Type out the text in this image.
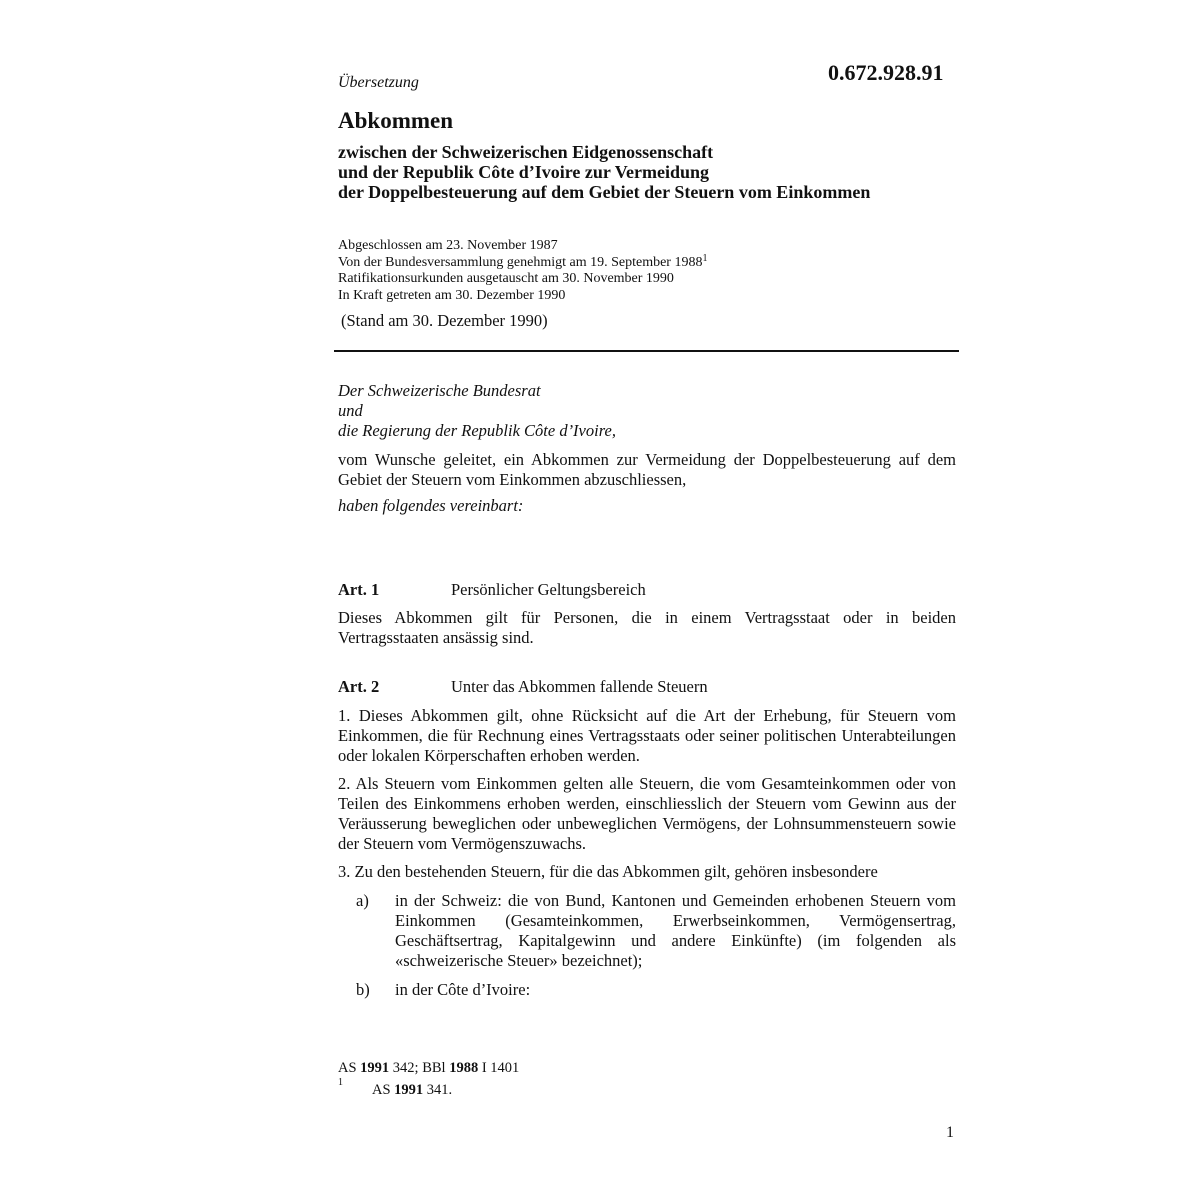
0.672.928.91
Übersetzung
Abkommen
zwischen der Schweizerischen Eidgenossenschaft
und der Republik Côte d’Ivoire zur Vermeidung
der Doppelbesteuerung auf dem Gebiet der Steuern vom Einkommen
Abgeschlossen am 23. November 1987
Von der Bundesversammlung genehmigt am 19. September 1988$^1$
Ratifikationsurkunden ausgetauscht am 30. November 1990
In Kraft getreten am 30. Dezember 1990
(Stand am 30. Dezember 1990)
Der Schweizerische Bundesrat
und
die Regierung der Republik Côte d’Ivoire,
vom Wunsche geleitet, ein Abkommen zur Vermeidung der Doppelbesteuerung auf dem Gebiet der Steuern vom Einkommen abzuschliessen,
haben folgendes vereinbart:
Art. 1	Persönlicher Geltungsbereich
Dieses Abkommen gilt für Personen, die in einem Vertragsstaat oder in beiden Vertragsstaaten ansässig sind.
Art. 2	Unter das Abkommen fallende Steuern
1. Dieses Abkommen gilt, ohne Rücksicht auf die Art der Erhebung, für Steuern vom Einkommen, die für Rechnung eines Vertragsstaats oder seiner politischen Unterabteilungen oder lokalen Körperschaften erhoben werden.
2. Als Steuern vom Einkommen gelten alle Steuern, die vom Gesamteinkommen oder von Teilen des Einkommens erhoben werden, einschliesslich der Steuern vom Gewinn aus der Veräusserung beweglichen oder unbeweglichen Vermögens, der Lohnsummensteuern sowie der Steuern vom Vermögenszuwachs.
3. Zu den bestehenden Steuern, für die das Abkommen gilt, gehören insbesondere
a) in der Schweiz: die von Bund, Kantonen und Gemeinden erhobenen Steuern vom Einkommen (Gesamteinkommen, Erwerbseinkommen, Vermögensertrag, Geschäftsertrag, Kapitalgewinn und andere Einkünfte) (im folgenden als «schweizerische Steuer» bezeichnet);
b) in der Côte d’Ivoire:
AS 1991 342; BBl 1988 I 1401
1 AS 1991 341.
1
